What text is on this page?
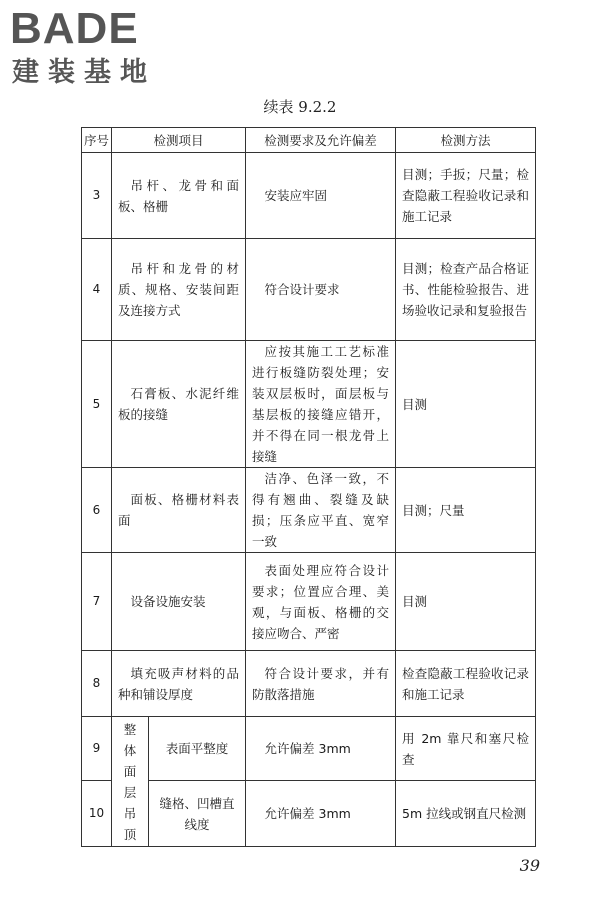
BADE
建装基地
续表 9.2.2
序号	检测项目		检测要求及允许偏差	检测方法
3	吊杆、龙骨和面板、格栅		安装应牢固	目测；手扳；尺量；检查隐蔽工程验收记录和施工记录
4	吊杆和龙骨的材质、规格、安装间距及连接方式		符合设计要求	目测；检查产品合格证书、性能检验报告、进场验收记录和复验报告
5	石膏板、水泥纤维板的接缝		应按其施工工艺标准进行板缝防裂处理；安装双层板时，面层板与基层板的接缝应错开，并不得在同一根龙骨上接缝	目测
6	面板、格栅材料表面		洁净、色泽一致，不得有翘曲、裂缝及缺损；压条应平直、宽窄一致	目测；尺量
7	设备设施安装		表面处理应符合设计要求；位置应合理、美观，与面板、格栅的交接应吻合、严密	目测
8	填充吸声材料的品种和铺设厚度		符合设计要求，并有防散落措施	检查隐蔽工程验收记录和施工记录
9	整体面层吊顶	表面平整度	允许偏差 3mm	用 2m 靠尺和塞尺检查
10		缝格、凹槽直线度	允许偏差 3mm	5m 拉线或钢直尺检测
39
